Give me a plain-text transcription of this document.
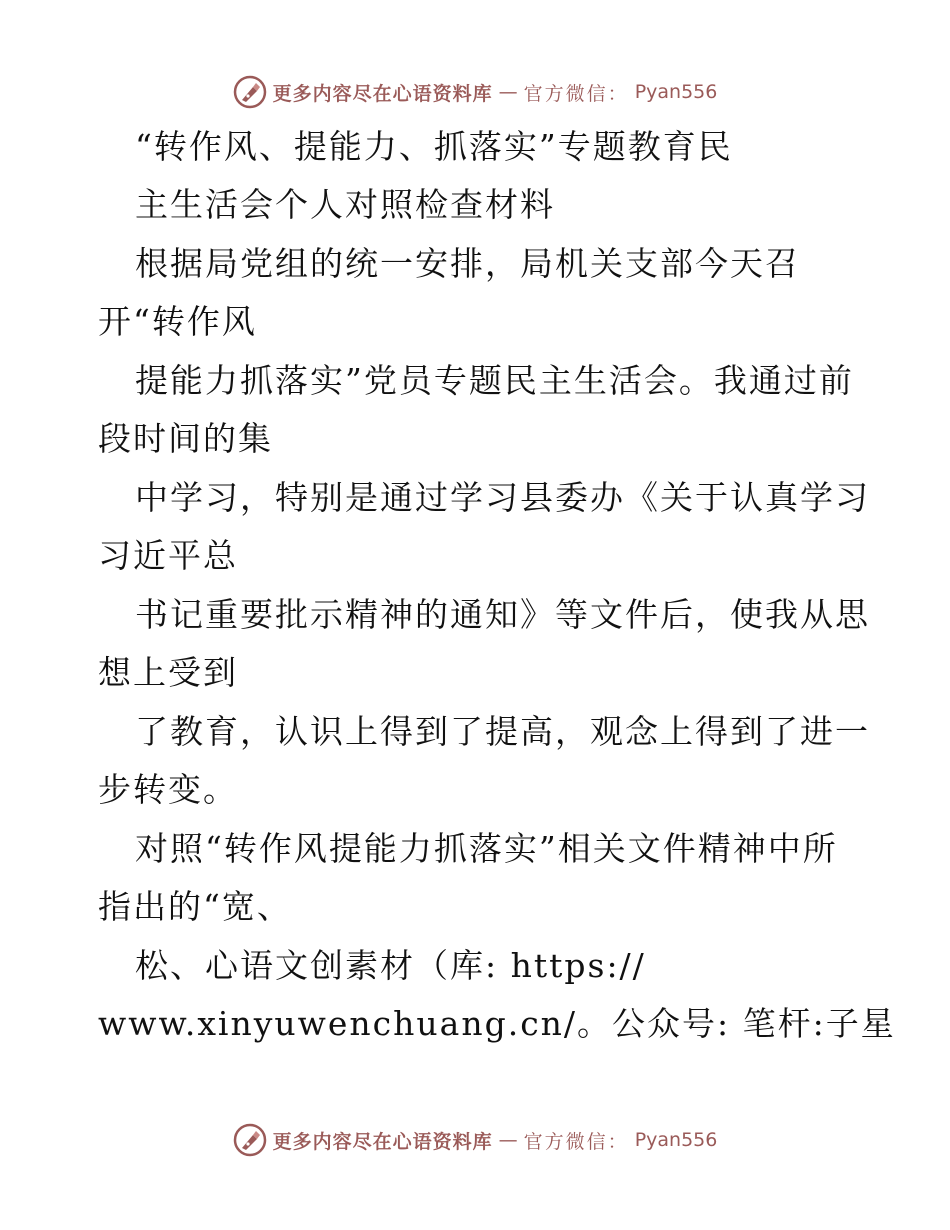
更多内容尽在心语资料库 — 官方微信： Pyan556
“转作风、提能力、抓落实”专题教育民
主生活会个人对照检查材料
根据局党组的统一安排，局机关支部今天召
开“转作风
提能力抓落实”党员专题民主生活会。我通过前
段时间的集
中学习，特别是通过学习县委办《关于认真学习
习近平总
书记重要批示精神的通知》等文件后，使我从思
想上受到
了教育，认识上得到了提高，观念上得到了进一
步转变。
对照“转作风提能力抓落实”相关文件精神中所
指出的“宽、
松、心语文创素材（库: https://
www.xinyuwenchuang.cn/。公众号: 笔杆:子星
更多内容尽在心语资料库 — 官方微信： Pyan556
